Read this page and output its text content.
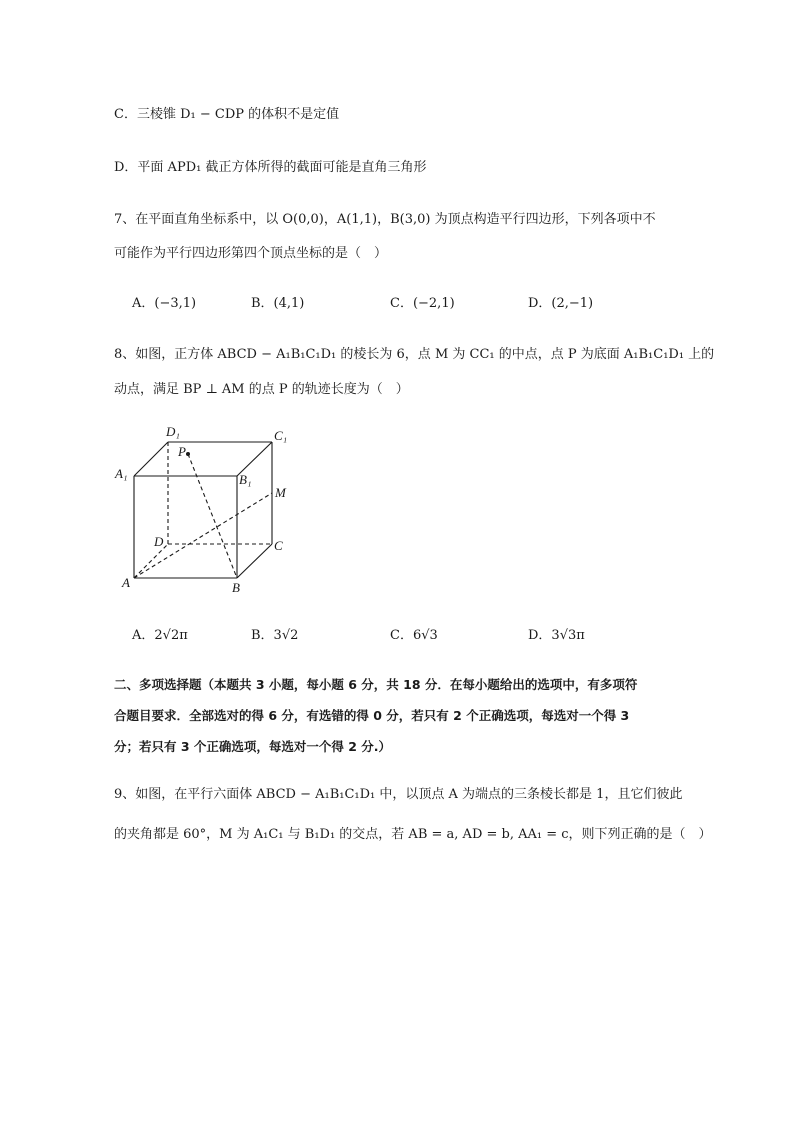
C．三棱锥 D₁ − CDP 的体积不是定值
D．平面 APD₁ 截正方体所得的截面可能是直角三角形
7、在平面直角坐标系中，以 O(0,0)，A(1,1)，B(3,0) 为顶点构造平行四边形，下列各项中不
可能作为平行四边形第四个顶点坐标的是（　）
A．(−3,1)	B．(4,1)	C．(−2,1)	D．(2,−1)
8、如图，正方体 ABCD − A₁B₁C₁D₁ 的棱长为 6，点 M 为 CC₁ 的中点，点 P 为底面 A₁B₁C₁D₁ 上的
动点，满足 BP ⊥ AM 的点 P 的轨迹长度为（　）
D₁	C₁
A₁	B₁
P
M
D	C
A	B
A．2√2π	B．3√2	C．6√3	D．3√3π
二、多项选择题（本题共 3 小题，每小题 6 分，共 18 分．在每小题给出的选项中，有多项符
合题目要求．全部选对的得 6 分，有选错的得 0 分，若只有 2 个正确选项，每选对一个得 3
分；若只有 3 个正确选项，每选对一个得 2 分.）
9、如图，在平行六面体 ABCD − A₁B₁C₁D₁ 中，以顶点 A 为端点的三条棱长都是 1，且它们彼此
的夹角都是 60°，M 为 A₁C₁ 与 B₁D₁ 的交点，若 AB = a, AD = b, AA₁ = c，则下列正确的是（　）
